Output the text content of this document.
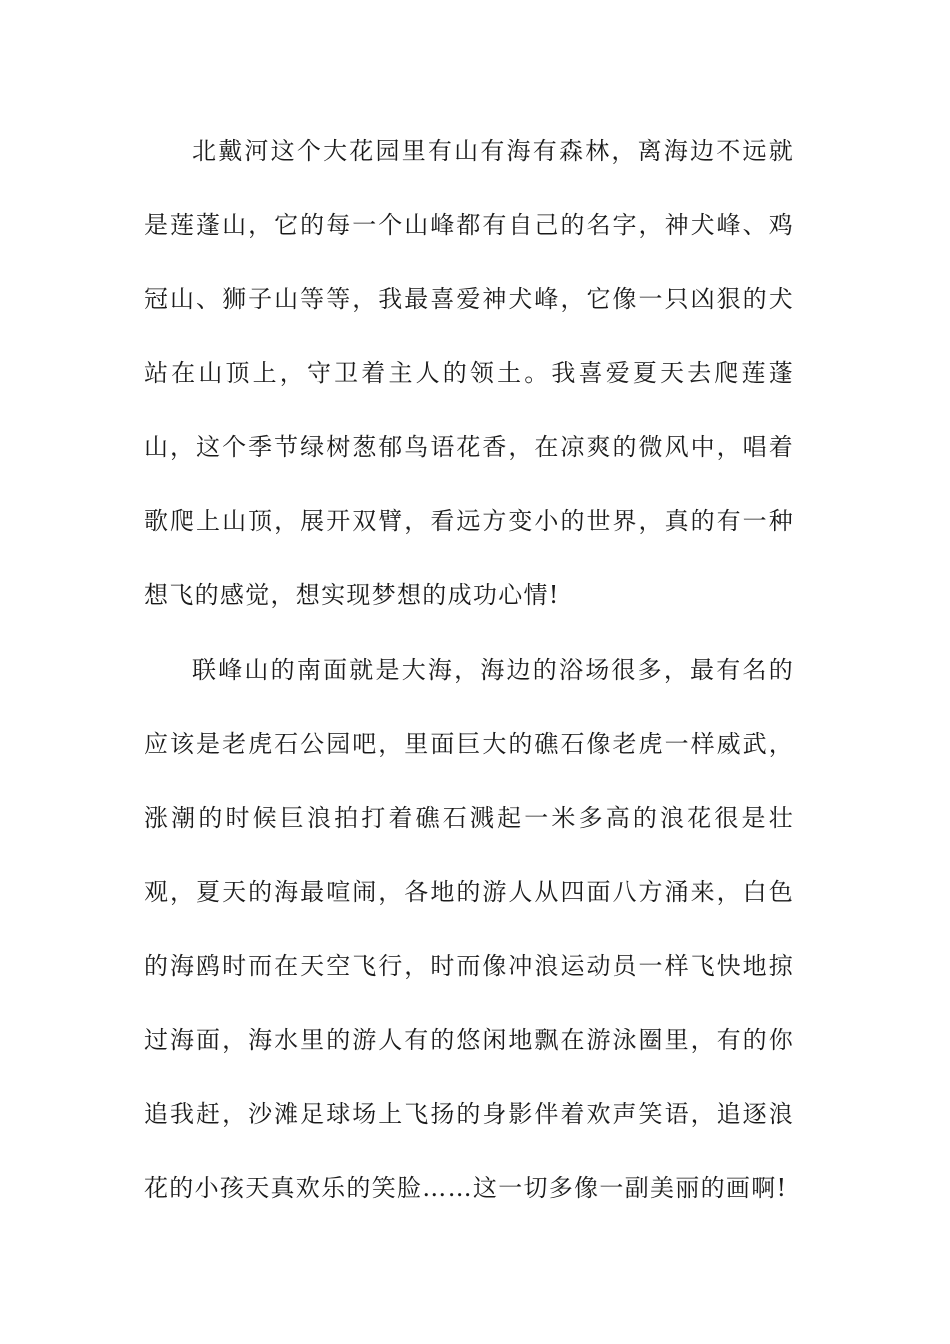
北戴河这个大花园里有山有海有森林，离海边不远就是莲蓬山，它的每一个山峰都有自己的名字，神犬峰、鸡冠山、狮子山等等，我最喜爱神犬峰，它像一只凶狠的犬站在山顶上，守卫着主人的领土。我喜爱夏天去爬莲蓬山，这个季节绿树葱郁鸟语花香，在凉爽的微风中，唱着歌爬上山顶，展开双臂，看远方变小的世界，真的有一种想飞的感觉，想实现梦想的成功心情!

联峰山的南面就是大海，海边的浴场很多，最有名的应该是老虎石公园吧，里面巨大的礁石像老虎一样威武，涨潮的时候巨浪拍打着礁石溅起一米多高的浪花很是壮观，夏天的海最喧闹，各地的游人从四面八方涌来，白色的海鸥时而在天空飞行，时而像冲浪运动员一样飞快地掠过海面，海水里的游人有的悠闲地飘在游泳圈里，有的你追我赶，沙滩足球场上飞扬的身影伴着欢声笑语，追逐浪花的小孩天真欢乐的笑脸……这一切多像一副美丽的画啊!
